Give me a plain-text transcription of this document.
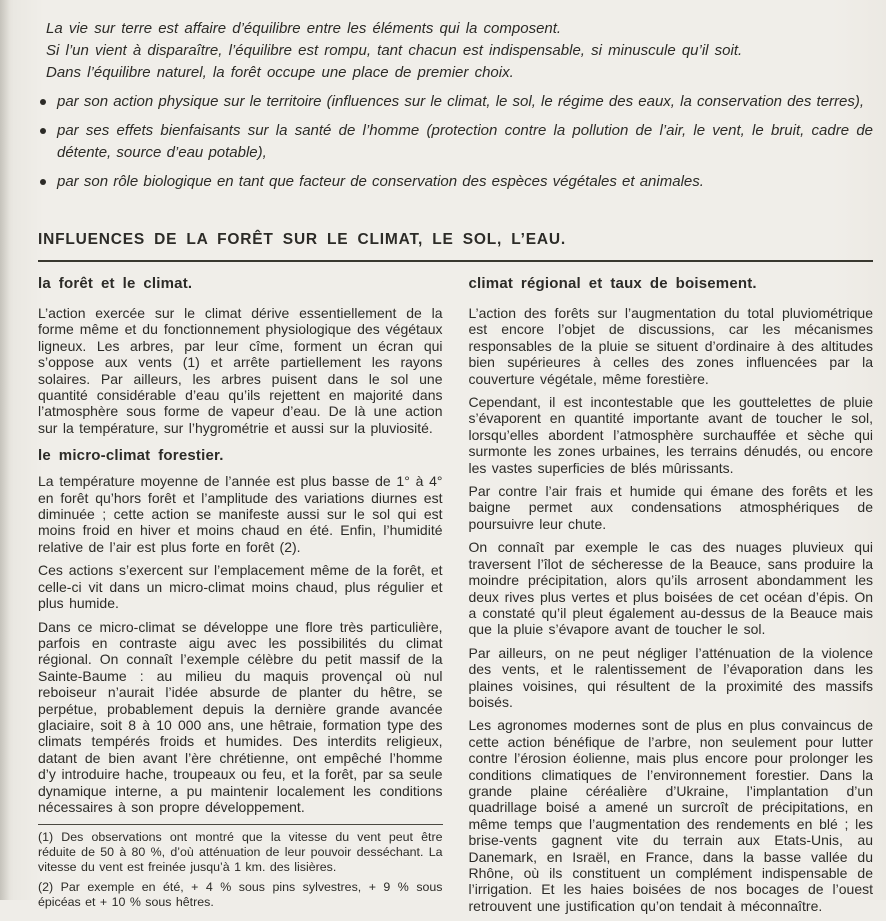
La vie sur terre est affaire d’équilibre entre les éléments qui la composent.

Si l’un vient à disparaître, l’équilibre est rompu, tant chacun est indispensable, si minuscule qu’il soit.

Dans l’équilibre naturel, la forêt occupe une place de premier choix.

par son action physique sur le territoire (influences sur le climat, le sol, le régime des eaux, la conservation des terres),
par ses effets bienfaisants sur la santé de l’homme (protection contre la pollution de l’air, le vent, le bruit, cadre de détente, source d’eau potable),
par son rôle biologique en tant que facteur de conservation des espèces végétales et animales.
INFLUENCES DE LA FORÊT SUR LE CLIMAT, LE SOL, L’EAU.
la forêt et le climat.

L’action exercée sur le climat dérive essentiellement de la forme même et du fonctionnement physiologique des végétaux ligneux. Les arbres, par leur cîme, forment un écran qui s’oppose aux vents (1) et arrête partiellement les rayons solaires. Par ailleurs, les arbres puisent dans le sol une quantité considérable d’eau qu’ils rejettent en majorité dans l’atmosphère sous forme de vapeur d’eau. De là une action sur la température, sur l’hygrométrie et aussi sur la pluviosité.

le micro-climat forestier.

La température moyenne de l’année est plus basse de 1° à 4° en forêt qu’hors forêt et l’amplitude des variations diurnes est diminuée ; cette action se manifeste aussi sur le sol qui est moins froid en hiver et moins chaud en été. Enfin, l’humidité relative de l’air est plus forte en forêt (2).

Ces actions s’exercent sur l’emplacement même de la forêt, et celle-ci vit dans un micro-climat moins chaud, plus régulier et plus humide.

Dans ce micro-climat se développe une flore très particulière, parfois en contraste aigu avec les possibilités du climat régional. On connaît l’exemple célèbre du petit massif de la Sainte-Baume : au milieu du maquis provençal où nul reboiseur n’aurait l’idée absurde de planter du hêtre, se perpétue, probablement depuis la dernière grande avancée glaciaire, soit 8 à 10 000 ans, une hêtraie, formation type des climats tempérés froids et humides. Des interdits religieux, datant de bien avant l’ère chrétienne, ont empêché l’homme d’y introduire hache, troupeaux ou feu, et la forêt, par sa seule dynamique interne, a pu maintenir localement les conditions nécessaires à son propre développement.

(1) Des observations ont montré que la vitesse du vent peut être réduite de 50 à 80 %, d’où atténuation de leur pouvoir desséchant. La vitesse du vent est freinée jusqu’à 1 km. des lisières.

(2) Par exemple en été, + 4 % sous pins sylvestres, + 9 % sous épicéas et + 10 % sous hêtres.

climat régional et taux de boisement.

L’action des forêts sur l’augmentation du total pluviométrique est encore l’objet de discussions, car les mécanismes responsables de la pluie se situent d’ordinaire à des altitudes bien supérieures à celles des zones influencées par la couverture végétale, même forestière.

Cependant, il est incontestable que les gouttelettes de pluie s’évaporent en quantité importante avant de toucher le sol, lorsqu’elles abordent l’atmosphère surchauffée et sèche qui surmonte les zones urbaines, les terrains dénudés, ou encore les vastes superficies de blés mûrissants.

Par contre l’air frais et humide qui émane des forêts et les baigne permet aux condensations atmosphériques de poursuivre leur chute.

On connaît par exemple le cas des nuages pluvieux qui traversent l’îlot de sécheresse de la Beauce, sans produire la moindre précipitation, alors qu’ils arrosent abondamment les deux rives plus vertes et plus boisées de cet océan d’épis. On a constaté qu’il pleut également au-dessus de la Beauce mais que la pluie s’évapore avant de toucher le sol.

Par ailleurs, on ne peut négliger l’atténuation de la violence des vents, et le ralentissement de l’évaporation dans les plaines voisines, qui résultent de la proximité des massifs boisés.

Les agronomes modernes sont de plus en plus convaincus de cette action bénéfique de l’arbre, non seulement pour lutter contre l’érosion éolienne, mais plus encore pour prolonger les conditions climatiques de l’environnement forestier. Dans la grande plaine céréalière d’Ukraine, l’implantation d’un quadrillage boisé a amené un surcroît de précipitations, en même temps que l’augmentation des rendements en blé ; les brise-vents gagnent vite du terrain aux Etats-Unis, au Danemark, en Israël, en France, dans la basse vallée du Rhône, où ils constituent un complément indispensable de l’irrigation. Et les haies boisées de nos bocages de l’ouest retrouvent une justification qu’on tendait à méconnaître.
